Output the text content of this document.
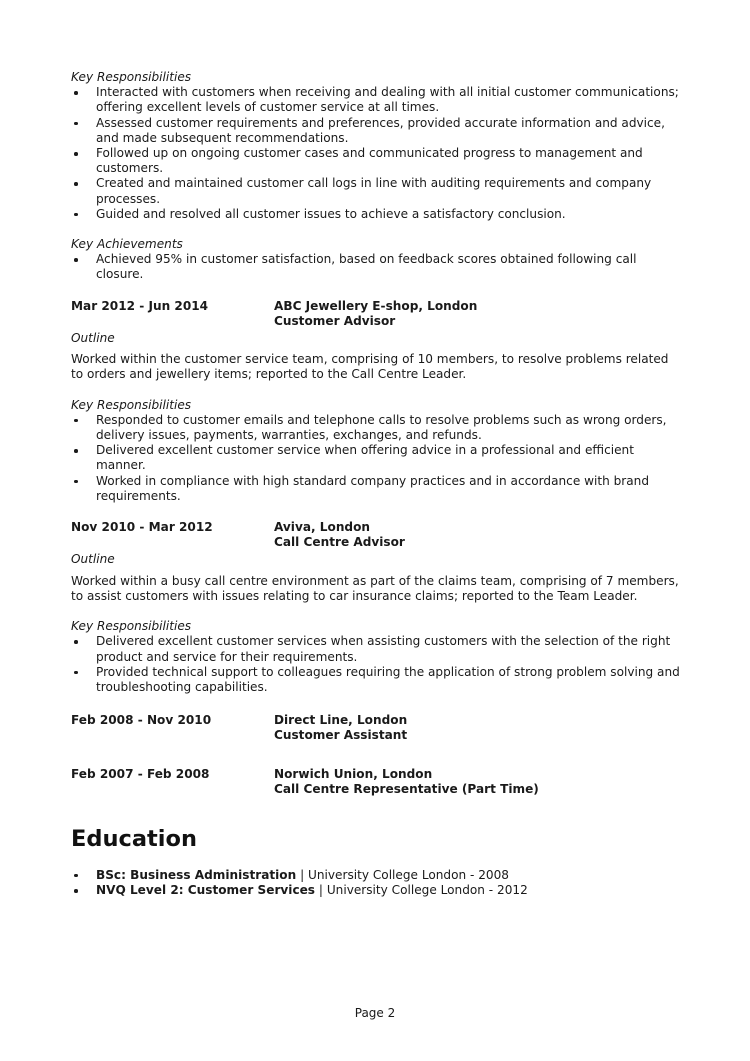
Key Responsibilities

Interacted with customers when receiving and dealing with all initial customer communications; offering excellent levels of customer service at all times.
Assessed customer requirements and preferences, provided accurate information and advice, and made subsequent recommendations.
Followed up on ongoing customer cases and communicated progress to management and customers.
Created and maintained customer call logs in line with auditing requirements and company processes.
Guided and resolved all customer issues to achieve a satisfactory conclusion.

Key Achievements

Achieved 95% in customer satisfaction, based on feedback scores obtained following call closure.
Mar 2012 - Jun 2014	ABC Jewellery E-shop, London
Customer Advisor

Outline

Worked within the customer service team, comprising of 10 members, to resolve problems related to orders and jewellery items; reported to the Call Centre Leader.

Key Responsibilities

Responded to customer emails and telephone calls to resolve problems such as wrong orders, delivery issues, payments, warranties, exchanges, and refunds.
Delivered excellent customer service when offering advice in a professional and efficient manner.
Worked in compliance with high standard company practices and in accordance with brand requirements.
Nov 2010 - Mar 2012	Aviva, London
Call Centre Advisor

Outline

Worked within a busy call centre environment as part of the claims team, comprising of 7 members, to assist customers with issues relating to car insurance claims; reported to the Team Leader.

Key Responsibilities

Delivered excellent customer services when assisting customers with the selection of the right product and service for their requirements.
Provided technical support to colleagues requiring the application of strong problem solving and troubleshooting capabilities.
Feb 2008 - Nov 2010	Direct Line, London
Customer Assistant
Feb 2007 - Feb 2008	Norwich Union, London
Call Centre Representative (Part Time)
Education
BSc: Business Administration | University College London - 2008
NVQ Level 2: Customer Services | University College London - 2012
Page 2
